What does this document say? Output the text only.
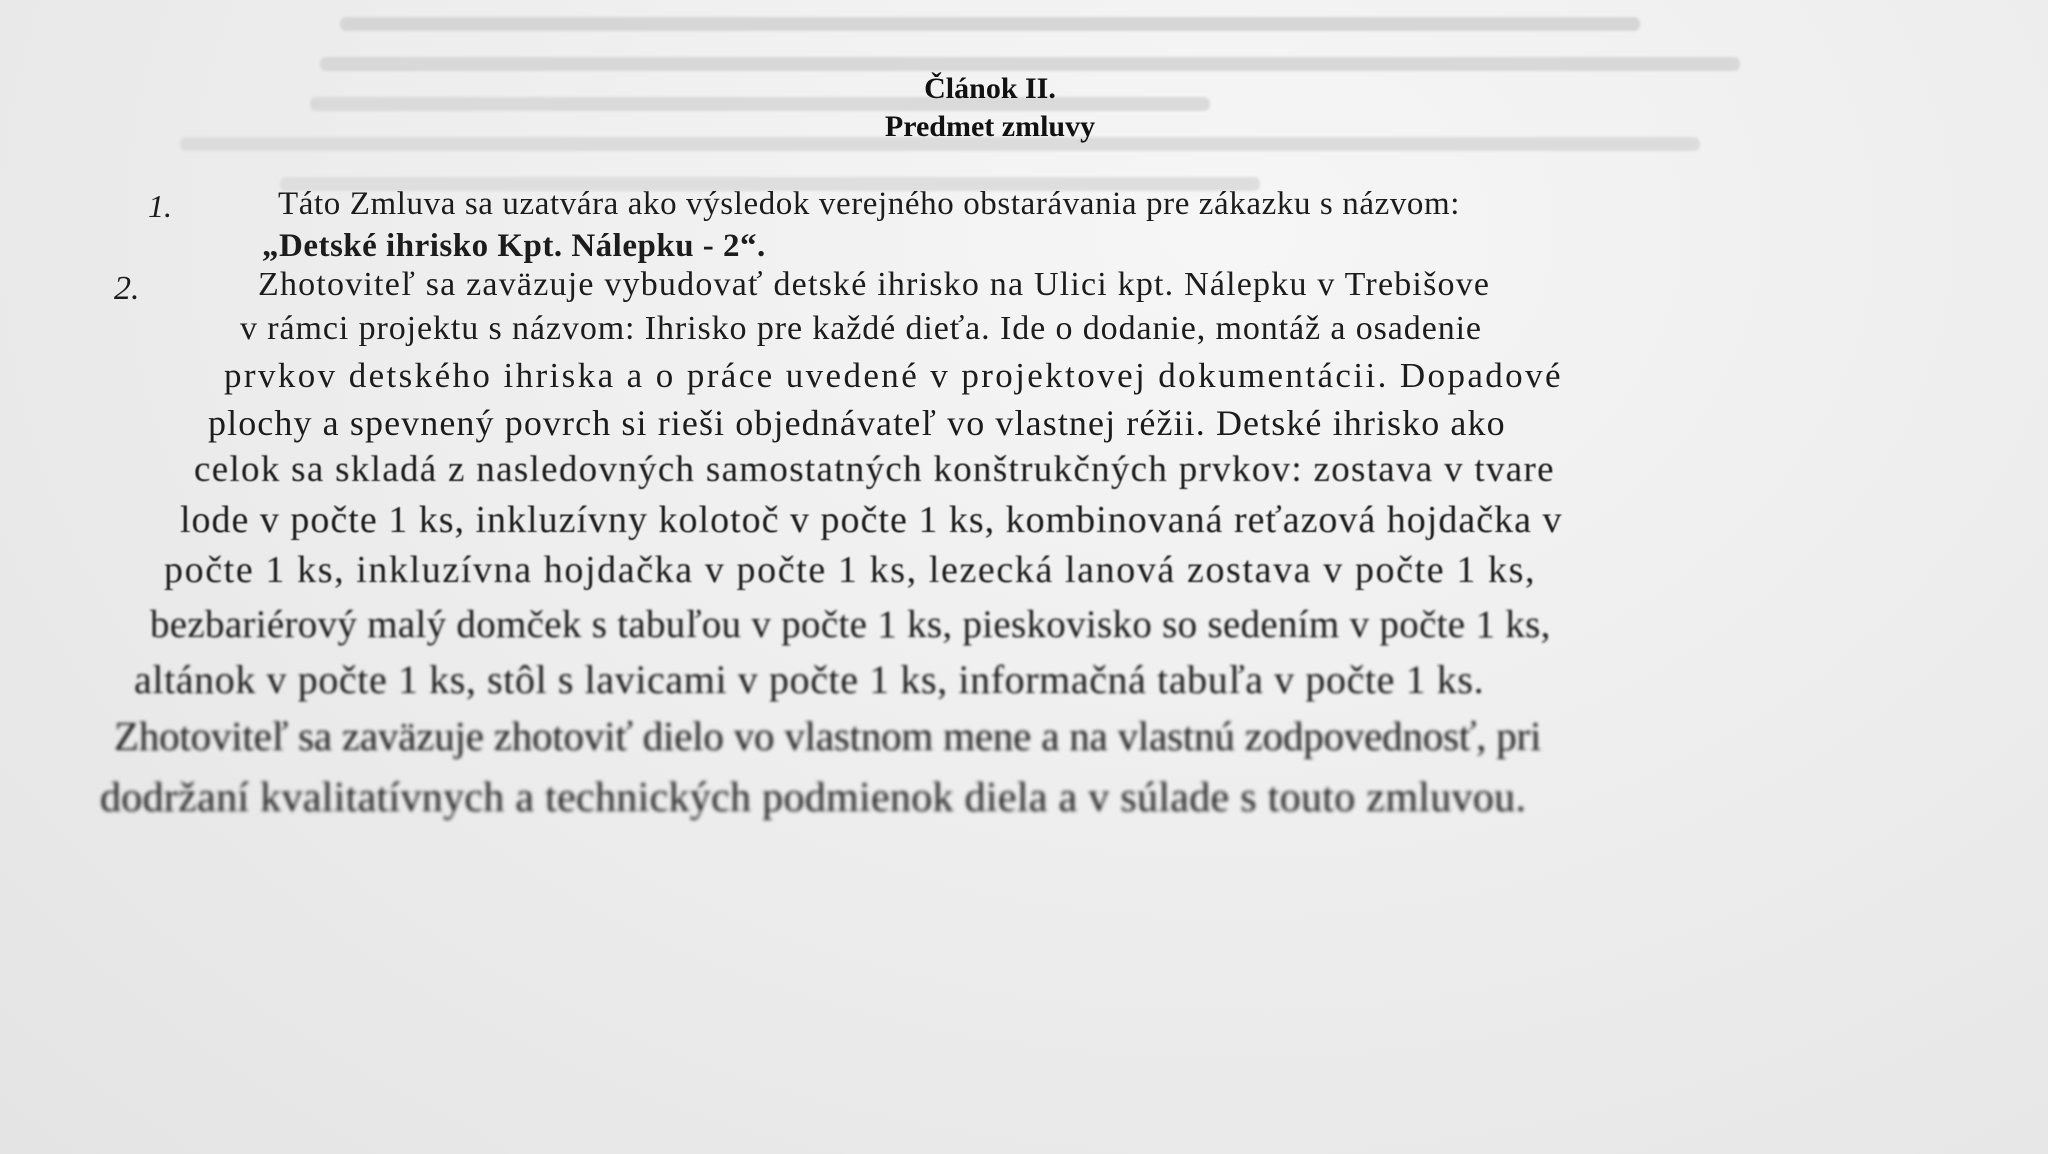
Článok II.
Predmet zmluvy
1.	Táto Zmluva sa uzatvára ako výsledok verejného obstarávania pre zákazku s názvom:
„Detské ihrisko Kpt. Nálepku - 2“.
2.	Zhotoviteľ sa zaväzuje vybudovať detské ihrisko na Ulici kpt. Nálepku v Trebišove
v rámci projektu s názvom: Ihrisko pre každé dieťa. Ide o dodanie, montáž a osadenie
prvkov detského ihriska a o práce uvedené v projektovej dokumentácii. Dopadové
plochy a spevnený povrch si rieši objednávateľ vo vlastnej réžii. Detské ihrisko ako
celok sa skladá z nasledovných samostatných konštrukčných prvkov: zostava v tvare
lode v počte 1 ks, inkluzívny kolotoč v počte 1 ks, kombinovaná reťazová hojdačka v
počte 1 ks, inkluzívna hojdačka v počte 1 ks, lezecká lanová zostava v počte 1 ks,
bezbariérový malý domček s tabuľou v počte 1 ks, pieskovisko so sedením v počte 1 ks,
altánok v počte 1 ks, stôl s lavicami v počte 1 ks, informačná tabuľa v počte 1 ks.
Zhotoviteľ sa zaväzuje zhotoviť dielo vo vlastnom mene a na vlastnú zodpovednosť, pri
dodržaní kvalitatívnych a technických podmienok diela a v súlade s touto zmluvou.
